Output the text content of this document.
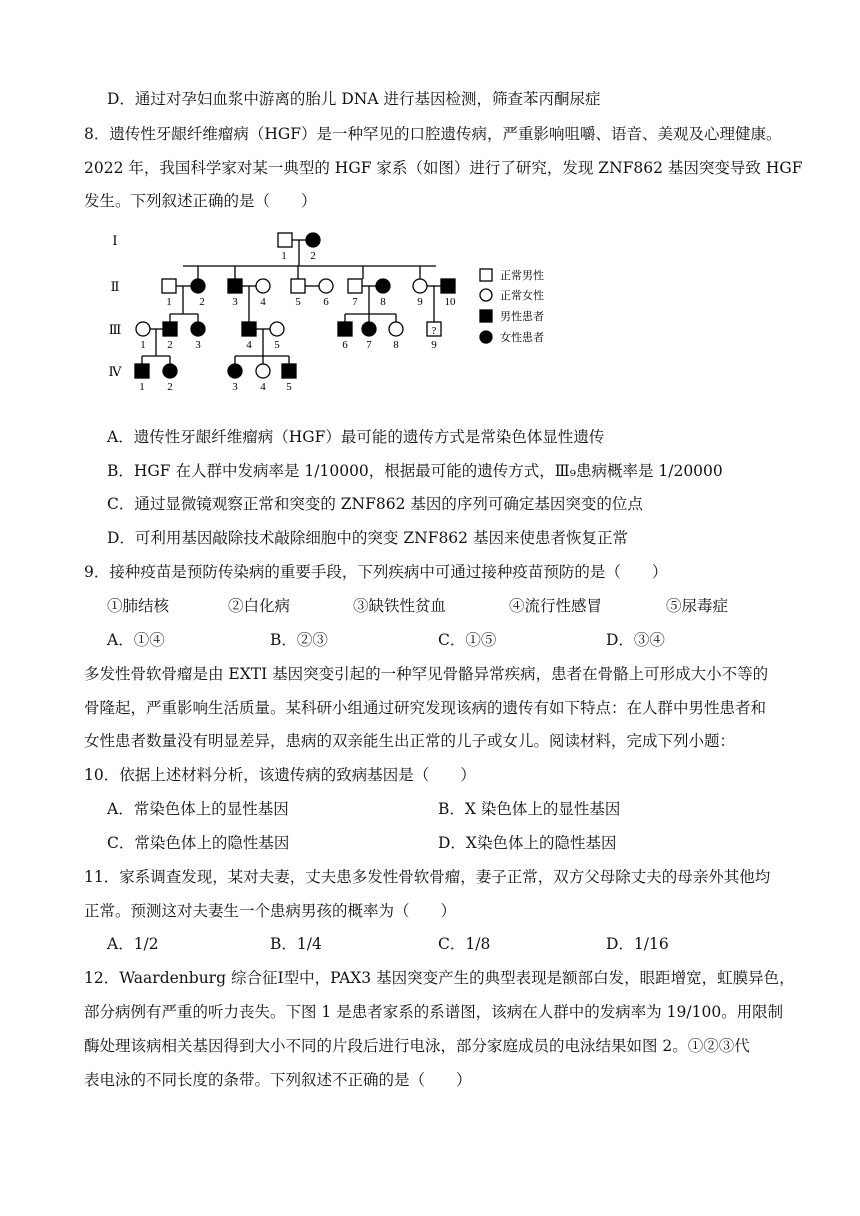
D．通过对孕妇血浆中游离的胎儿 DNA 进行基因检测，筛查苯丙酮尿症
8．遗传性牙龈纤维瘤病（HGF）是一种罕见的口腔遗传病，严重影响咀嚼、语音、美观及心理健康。
2022 年，我国科学家对某一典型的 HGF 家系（如图）进行了研究，发现 ZNF862 基因突变导致 HGF
发生。下列叙述正确的是（　　）
Ⅰ
Ⅱ
Ⅲ
Ⅳ
1 2
1	2	3 4	5 6 7 8	9 10
1 2 3	4 5	6 7 8	9
1 2	3 4 5
?
正常男性
正常女性
男性患者
女性患者
A．遗传性牙龈纤维瘤病（HGF）最可能的遗传方式是常染色体显性遗传
B．HGF 在人群中发病率是 1/10000，根据最可能的遗传方式，Ⅲ₉患病概率是 1/20000
C．通过显微镜观察正常和突变的 ZNF862 基因的序列可确定基因突变的位点
D．可利用基因敲除技术敲除细胞中的突变 ZNF862 基因来使患者恢复正常
9．接种疫苗是预防传染病的重要手段，下列疾病中可通过接种疫苗预防的是（　　）
①肺结核	②白化病	③缺铁性贫血	④流行性感冒	⑤尿毒症
A．①④	B．②③	C．①⑤	D．③④
多发性骨软骨瘤是由 EXTI 基因突变引起的一种罕见骨骼异常疾病，患者在骨骼上可形成大小不等的
骨隆起，严重影响生活质量。某科研小组通过研究发现该病的遗传有如下特点：在人群中男性患者和
女性患者数量没有明显差异，患病的双亲能生出正常的儿子或女儿。阅读材料，完成下列小题：
10．依据上述材料分析，该遗传病的致病基因是（　　）
A．常染色体上的显性基因	B．X 染色体上的显性基因
C．常染色体上的隐性基因	D．Ⅹ染色体上的隐性基因
11．家系调查发现，某对夫妻，丈夫患多发性骨软骨瘤，妻子正常，双方父母除丈夫的母亲外其他均
正常。预测这对夫妻生一个患病男孩的概率为（　　）
A．1/2	B．1/4	C．1/8	D．1/16
12．Waardenburg 综合征Ⅰ型中，PAX3 基因突变产生的典型表现是额部白发，眼距增宽，虹膜异色，
部分病例有严重的听力丧失。下图 1 是患者家系的系谱图，该病在人群中的发病率为 19/100。用限制
酶处理该病相关基因得到大小不同的片段后进行电泳，部分家庭成员的电泳结果如图 2。①②③代
表电泳的不同长度的条带。下列叙述不正确的是（　　）
